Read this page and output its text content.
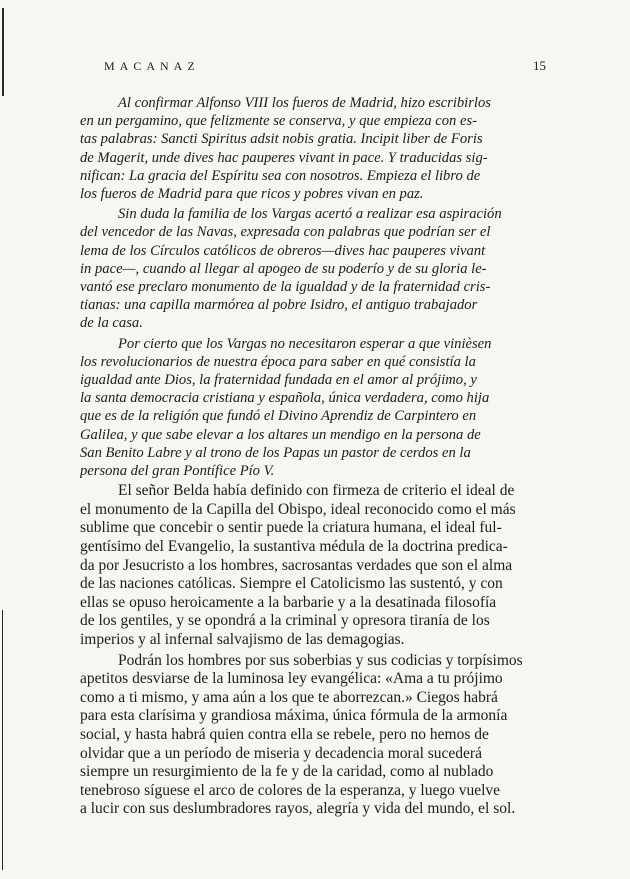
MACANAZ	15
Al confirmar Alfonso VIII los fueros de Madrid, hizo escribirlos
en un pergamino, que felizmente se conserva, y que empieza con es-
tas palabras: Sancti Spiritus adsit nobis gratia. Incipit liber de Foris
de Magerit, unde dives hac pauperes vivant in pace. Y traducidas sig-
nifican: La gracia del Espíritu sea con nosotros. Empieza el libro de
los fueros de Madrid para que ricos y pobres vivan en paz.
Sin duda la familia de los Vargas acertó a realizar esa aspiración
del vencedor de las Navas, expresada con palabras que podrían ser el
lema de los Círculos católicos de obreros—dives hac pauperes vivant
in pace—, cuando al llegar al apogeo de su poderío y de su gloria le-
vantó ese preclaro monumento de la igualdad y de la fraternidad cris-
tianas: una capilla marmórea al pobre Isidro, el antiguo trabajador
de la casa.
Por cierto que los Vargas no necesitaron esperar a que vinièsen
los revolucionarios de nuestra época para saber en qué consistía la
igualdad ante Dios, la fraternidad fundada en el amor al prójimo, y
la santa democracia cristiana y española, única verdadera, como hija
que es de la religión que fundó el Divino Aprendiz de Carpintero en
Galilea, y que sabe elevar a los altares un mendigo en la persona de
San Benito Labre y al trono de los Papas un pastor de cerdos en la
persona del gran Pontífice Pío V.
El señor Belda había definido con firmeza de criterio el ideal de
el monumento de la Capilla del Obispo, ideal reconocido como el más
sublime que concebir o sentir puede la criatura humana, el ideal ful-
gentísimo del Evangelio, la sustantiva médula de la doctrina predica-
da por Jesucristo a los hombres, sacrosantas verdades que son el alma
de las naciones católicas. Siempre el Catolicismo las sustentó, y con
ellas se opuso heroicamente a la barbarie y a la desatinada filosofía
de los gentiles, y se opondrá a la criminal y opresora tiranía de los
imperios y al infernal salvajismo de las demagogias.
Podrán los hombres por sus soberbias y sus codicias y torpísimos
apetitos desviarse de la luminosa ley evangélica: «Ama a tu prójimo
como a ti mismo, y ama aún a los que te aborrezcan.» Ciegos habrá
para esta clarísima y grandiosa máxima, única fórmula de la armonía
social, y hasta habrá quien contra ella se rebele, pero no hemos de
olvidar que a un período de miseria y decadencia moral sucederá
siempre un resurgimiento de la fe y de la caridad, como al nublado
tenebroso síguese el arco de colores de la esperanza, y luego vuelve
a lucir con sus deslumbradores rayos, alegría y vida del mundo, el sol.
